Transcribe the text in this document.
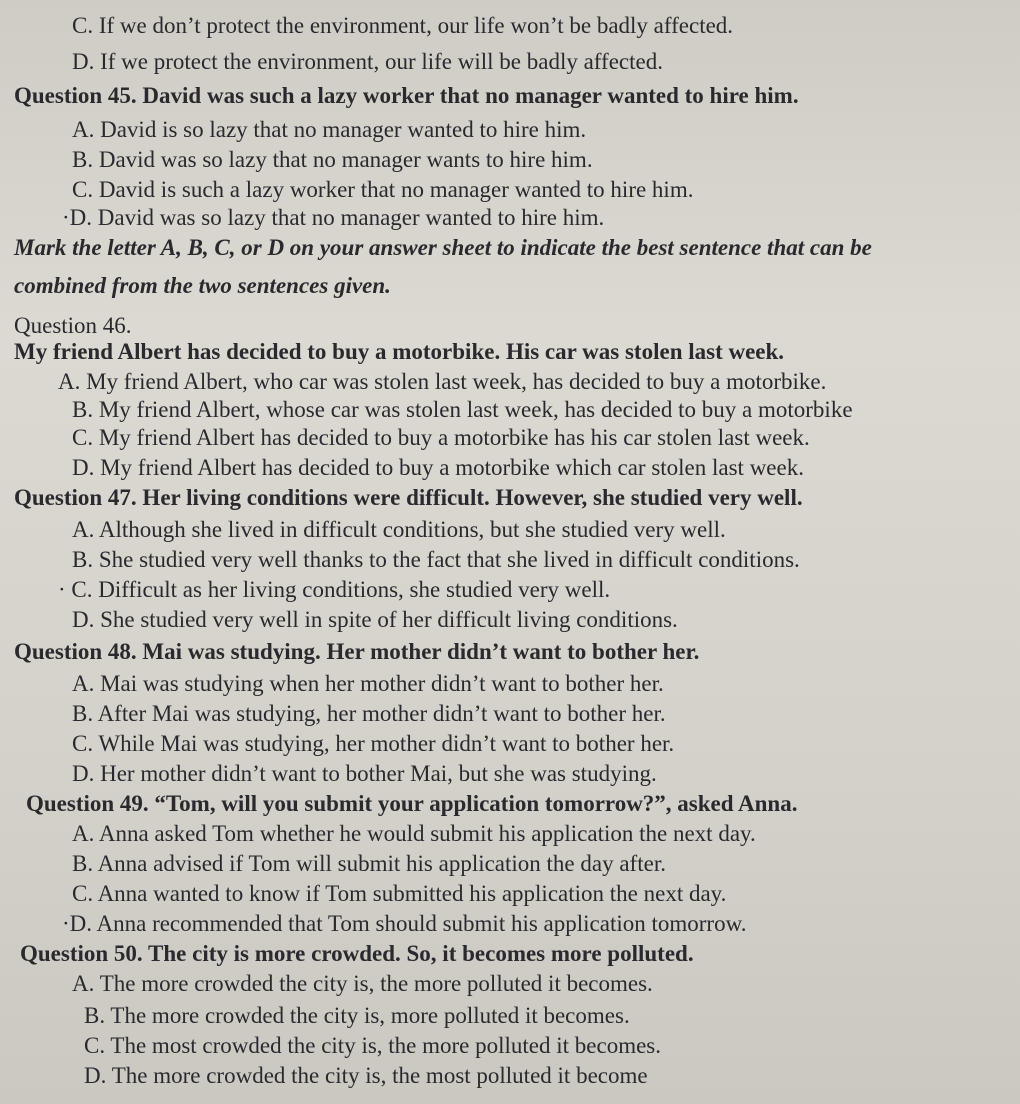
C. If we don’t protect the environment, our life won’t be badly affected.
D. If we protect the environment, our life will be badly affected.
Question 45. David was such a lazy worker that no manager wanted to hire him.
A. David is so lazy that no manager wanted to hire him.
B. David was so lazy that no manager wants to hire him.
C. David is such a lazy worker that no manager wanted to hire him.
·D. David was so lazy that no manager wanted to hire him.
Mark the letter A, B, C, or D on your answer sheet to indicate the best sentence that can be
combined from the two sentences given.
Question 46.
My friend Albert has decided to buy a motorbike. His car was stolen last week.
A. My friend Albert, who car was stolen last week, has decided to buy a motorbike.
B. My friend Albert, whose car was stolen last week, has decided to buy a motorbike
C. My friend Albert has decided to buy a motorbike has his car stolen last week.
D. My friend Albert has decided to buy a motorbike which car stolen last week.
Question 47. Her living conditions were difficult. However, she studied very well.
A. Although she lived in difficult conditions, but she studied very well.
B. She studied very well thanks to the fact that she lived in difficult conditions.
· C. Difficult as her living conditions, she studied very well.
D. She studied very well in spite of her difficult living conditions.
Question 48. Mai was studying. Her mother didn’t want to bother her.
A. Mai was studying when her mother didn’t want to bother her.
B. After Mai was studying, her mother didn’t want to bother her.
C. While Mai was studying, her mother didn’t want to bother her.
D. Her mother didn’t want to bother Mai, but she was studying.
Question 49. “Tom, will you submit your application tomorrow?”, asked Anna.
A. Anna asked Tom whether he would submit his application the next day.
B. Anna advised if Tom will submit his application the day after.
C. Anna wanted to know if Tom submitted his application the next day.
·D. Anna recommended that Tom should submit his application tomorrow.
Question 50. The city is more crowded. So, it becomes more polluted.
A. The more crowded the city is, the more polluted it becomes.
B. The more crowded the city is, more polluted it becomes.
C. The most crowded the city is, the more polluted it becomes.
D. The more crowded the city is, the most polluted it become
